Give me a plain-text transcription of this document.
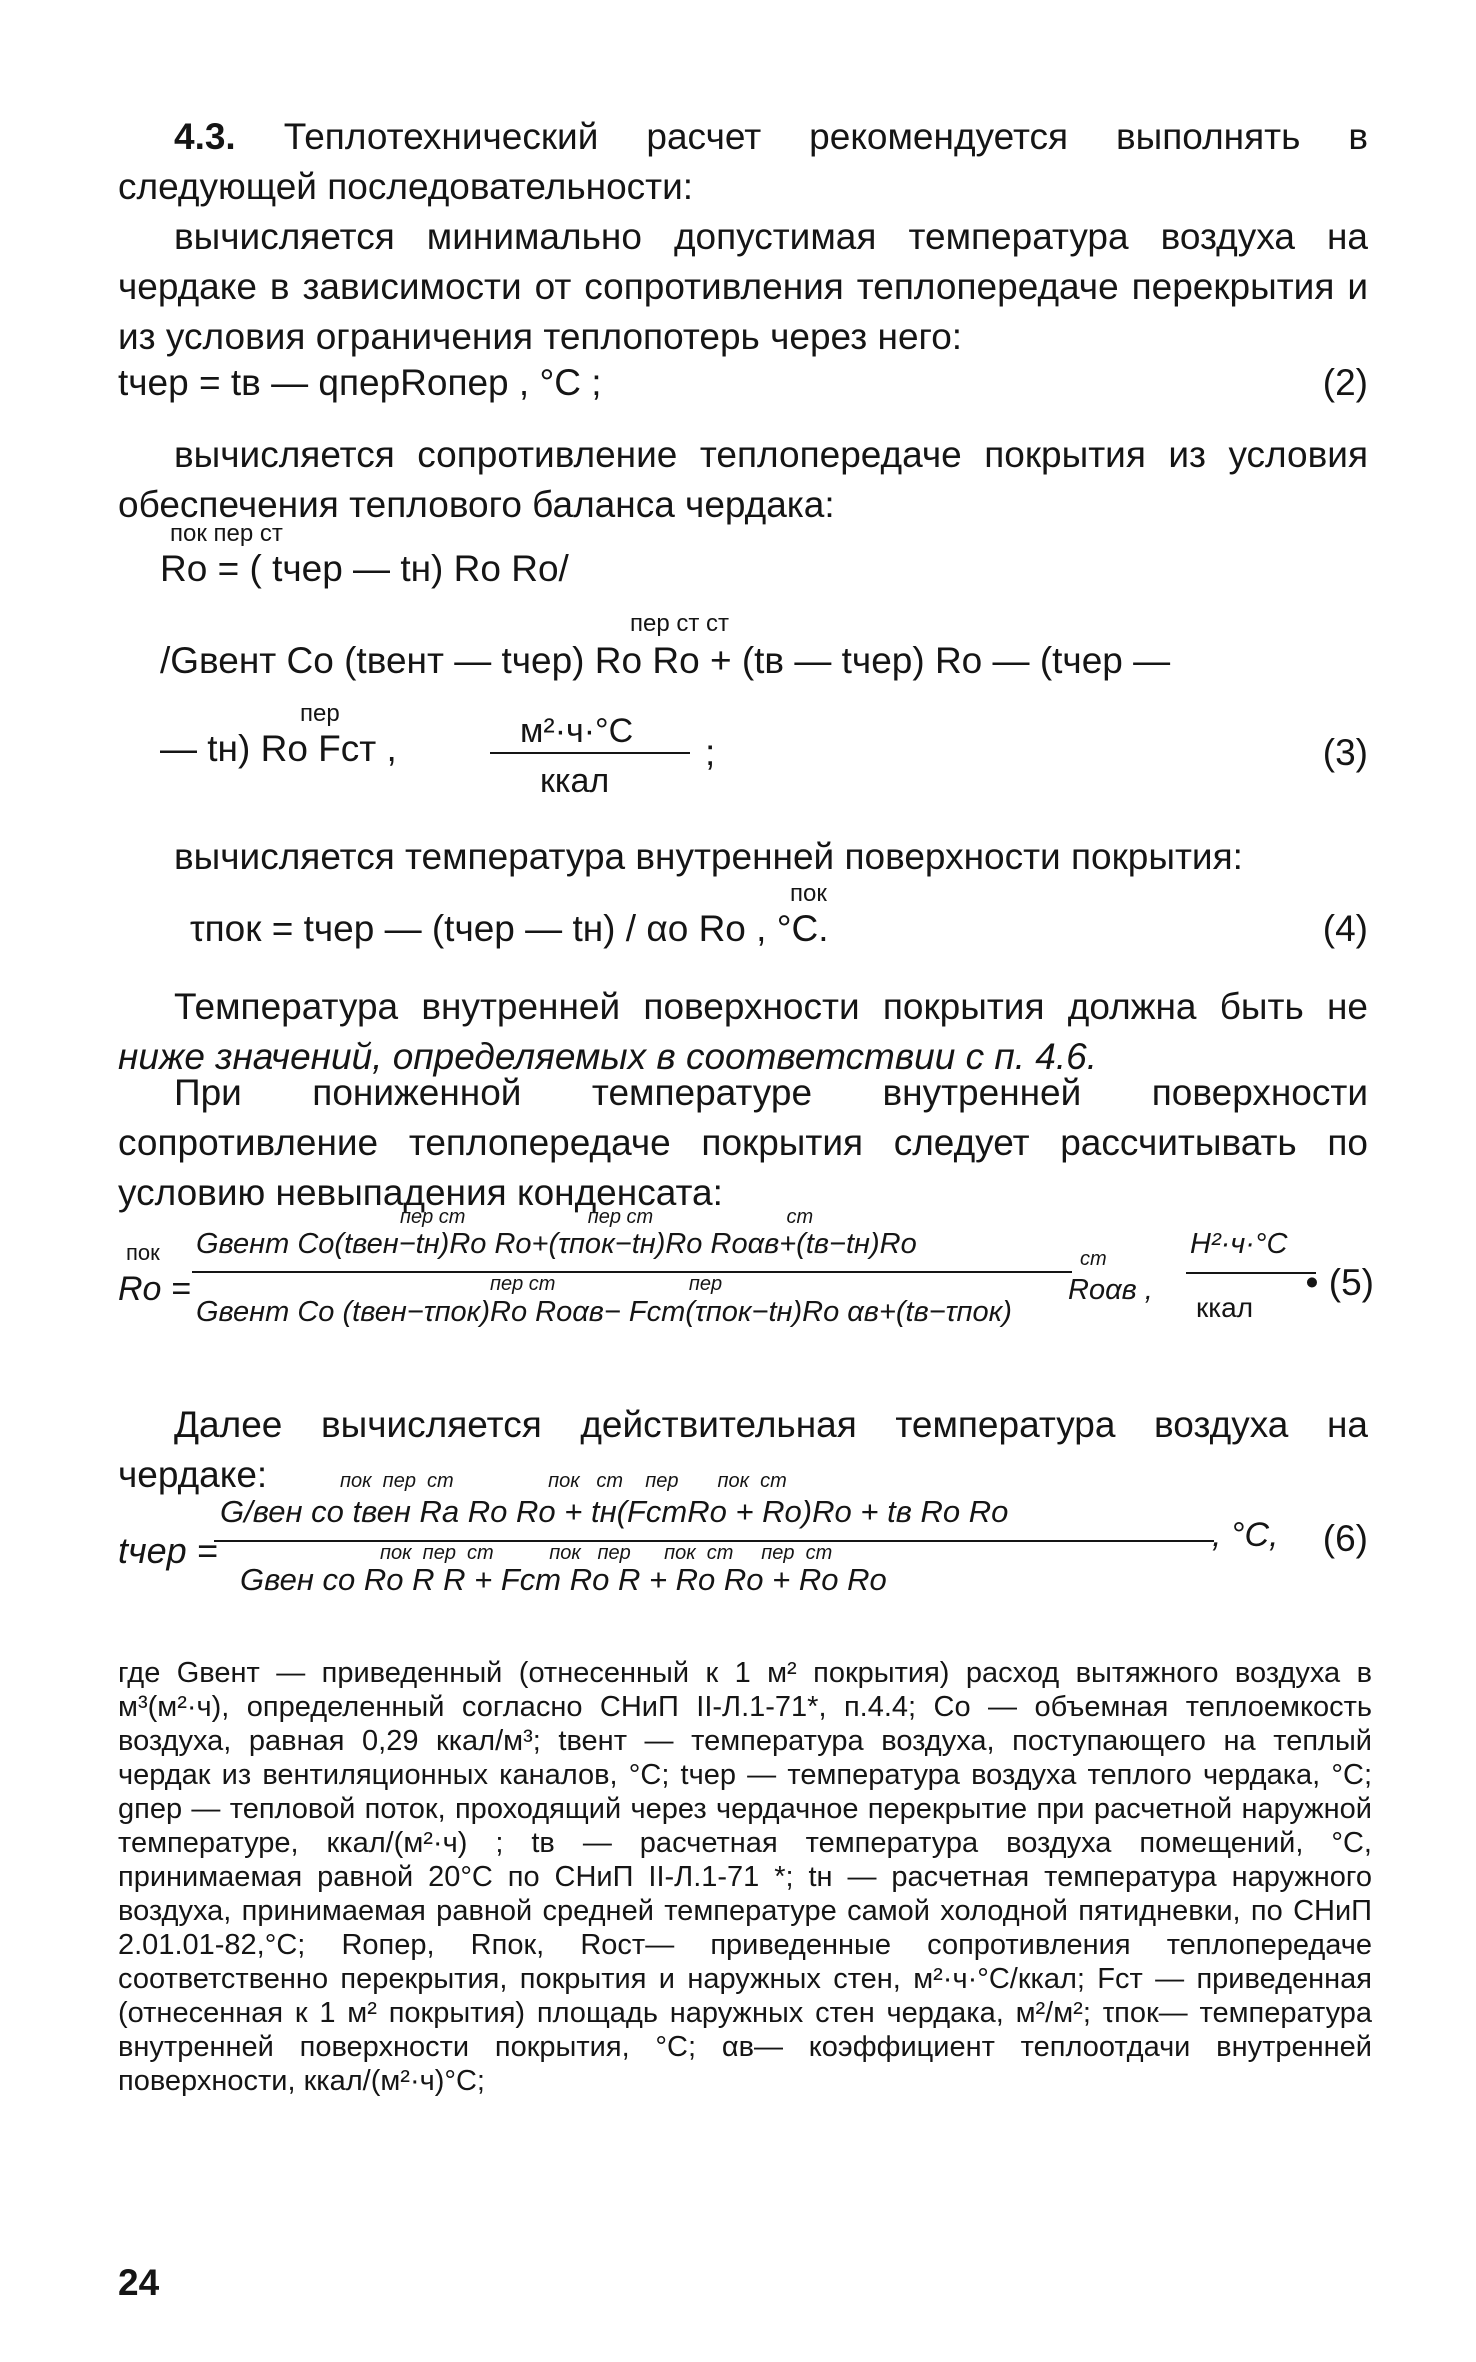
4.3. Теплотехнический расчет рекомендуется выполнять в следующей последовательности:

вычисляется минимально допустимая температура воздуха на чердаке в зависимости от сопротивления теплопередаче перекрытия и из условия ограничения теплопотерь через него:

tчер = tв — qперRoпер , °C ;	(2)

вычисляется сопротивление теплопередаче покрытия из условия обеспечения теплового баланса чердака:

пок пер ст
Ro = ( tчер — tн) Ro Ro/
пер ст ст
/Gвент Co (tвент — tчер) Ro Ro + (tв — tчер) Ro — (tчер —
пер
— tн) Ro Fст ,	м²·ч·°C
ккал
;	(3)

вычисляется температура внутренней поверхности покрытия:

пок
τпок = tчер — (tчер — tн) / αo Ro , °C.	(4)

Температура внутренней поверхности покрытия должна быть не ниже значений, определяемых в соответствии с п. 4.6.

При пониженной температуре внутренней поверхности сопротивление теплопередаче покрытия следует рассчитывать по условию невыпадения конденсата:

пок
Ro =
пер ст                      пер ст                        ст
Gвент Co(tвен−tн)Ro Ro+(τпок−tн)Ro Roαв+(tв−tн)Ro
пер ст                        пер
Gвент Co (tвен−τпок)Ro Roαв− Fст(τпок−tн)Ro αв+(tв−τпок)
ст
Roαв ,
H²·ч·°C
ккал
• (5)

Далее вычисляется действительная температура воздуха на чердаке:

tчер =
пок  пер  ст                 пок   ст    пер       пок  ст
G/вен co tвен Ra Ro Ro + tн(FстRo + Ro)Ro + tв Ro Ro
пок  пер  ст          пок   пер      пок  ст     пер  ст
Gвен co Ro R R + Fст Ro R + Ro Ro + Ro Ro
, °C, (6)
где Gвент — приведенный (отнесенный к 1 м² покрытия) расход вытяжного воздуха в м³(м²·ч), определенный согласно СНиП II-Л.1-71*, п.4.4; Co — объемная теплоемкость воздуха, равная 0,29 ккал/м³; tвент — температура воздуха, поступающего на теплый чердак из вентиляционных каналов, °C; tчер — температура воздуха теплого чердака, °C; gпер — тепловой поток, проходящий через чердачное перекрытие при расчетной наружной температуре, ккал/(м²·ч) ; tв — расчетная температура воздуха помещений, °C, принимаемая равной 20°C по СНиП II-Л.1-71 *; tн — расчетная температура наружного воздуха, принимаемая равной средней температуре самой холодной пятидневки, по СНиП 2.01.01-82,°C; Roпер, Rпок, Roст— приведенные сопротивления теплопередаче соответственно перекрытия, покрытия и наружных стен, м²·ч·°C/ккал; Fст — приведенная (отнесенная к 1 м² покрытия) площадь наружных стен чердака, м²/м²; τпок— температура внутренней поверхности покрытия, °C; αв— коэффициент теплоотдачи внутренней поверхности, ккал/(м²·ч)°C;
24
